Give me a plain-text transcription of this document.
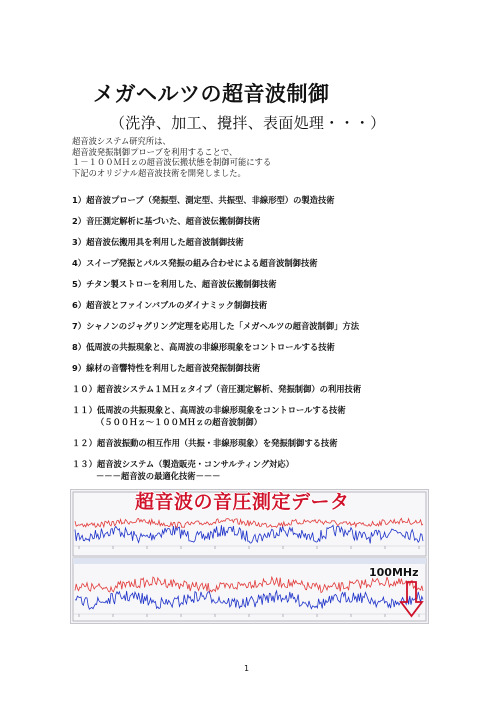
メガヘルツの超音波制御
（洗浄、加工、攪拌、表面処理・・・）
超音波システム研究所は、
超音波発振制御プローブを利用することで、
１－１００ＭＨｚの超音波伝搬状態を制御可能にする
下記のオリジナル超音波技術を開発しました。
1）超音波プローブ（発振型、測定型、共振型、非線形型）の製造技術
2）音圧測定解析に基づいた、超音波伝搬制御技術
3）超音波伝搬用具を利用した超音波制御技術
4）スイープ発振とパルス発振の組み合わせによる超音波制御技術
5）チタン製ストローを利用した、超音波伝搬制御技術
6）超音波とファインバブルのダイナミック制御技術
7）シャノンのジャグリング定理を応用した「メガヘルツの超音波制御」方法
8）低周波の共振現象と、高周波の非線形現象をコントロールする技術
9）線材の音響特性を利用した超音波発振制御技術
１０）超音波システム１ＭＨｚタイプ（音圧測定解析、発振制御）の利用技術
１１）低周波の共振現象と、高周波の非線形現象をコントロールする技術
（５００Ｈｚ～１００ＭＨｚの超音波制御）
１２）超音波振動の相互作用（共振・非線形現象）を発振制御する技術
１３）超音波システム（製造販売・コンサルティング対応）
－－－超音波の最適化技術－－－
超音波の音圧測定データ
100MHz
1
